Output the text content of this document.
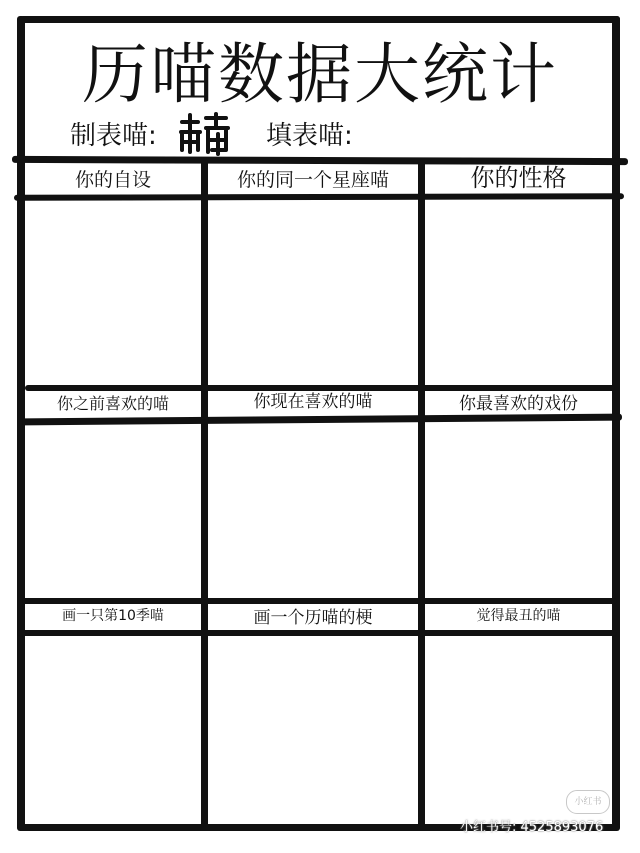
历喵数据大统计
制表喵:	填表喵:
你的自设	你的同一个星座喵	你的性格
你之前喜欢的喵	你现在喜欢的喵	你最喜欢的戏份
画一只第10季喵	画一个历喵的梗	觉得最丑的喵
小红书
小红书号: 4525893076
